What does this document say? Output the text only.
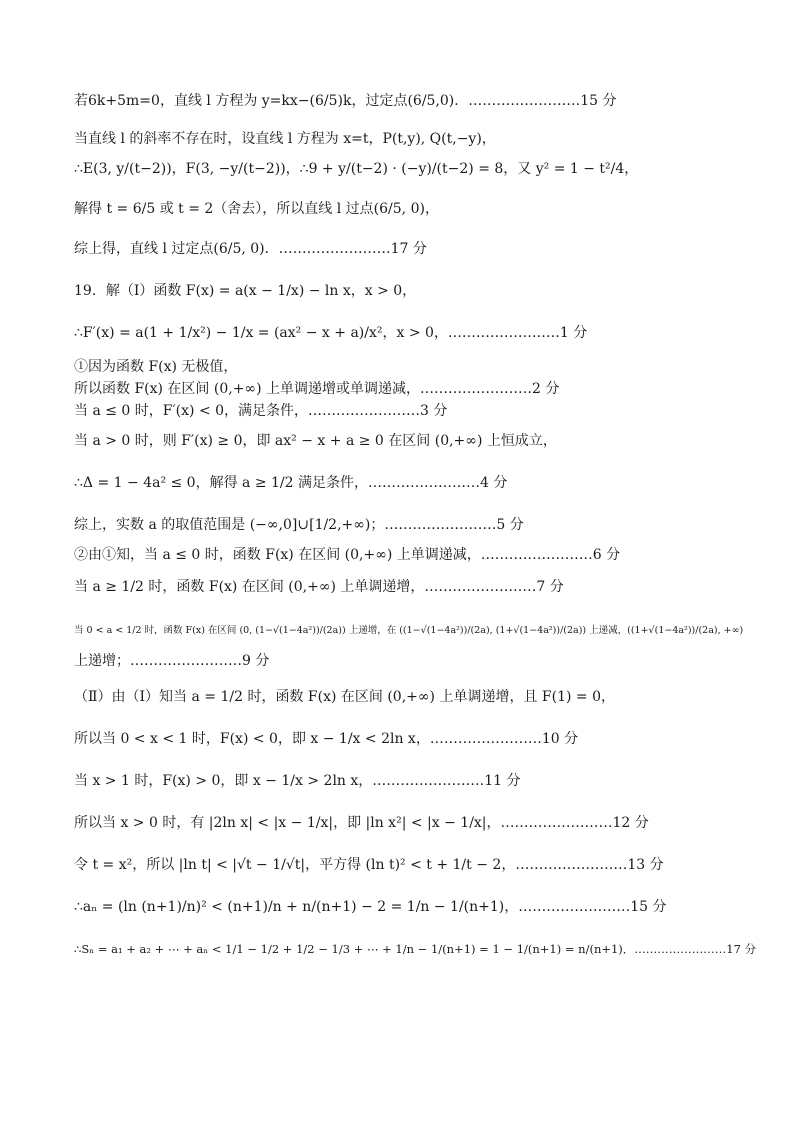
若6k+5m=0，直线 l 方程为 y=kx−(6/5)k，过定点(6/5,0)．……………………15 分
当直线 l 的斜率不存在时，设直线 l 方程为 x=t，P(t,y), Q(t,−y)，
∴E(3, y/(t−2))，F(3, −y/(t−2))，∴9 + y/(t−2) · (−y)/(t−2) = 8，又 y² = 1 − t²/4，
解得 t = 6/5 或 t = 2（舍去），所以直线 l 过点(6/5, 0)，
综上得，直线 l 过定点(6/5, 0)．……………………17 分
19．解（Ⅰ）函数 F(x) = a(x − 1/x) − ln x，x > 0，
∴F′(x) = a(1 + 1/x²) − 1/x = (ax² − x + a)/x²，x > 0，……………………1 分
①因为函数 F(x) 无极值，
所以函数 F(x) 在区间 (0,+∞) 上单调递增或单调递减，……………………2 分
当 a ≤ 0 时，F′(x) < 0，满足条件，……………………3 分
当 a > 0 时，则 F′(x) ≥ 0，即 ax² − x + a ≥ 0 在区间 (0,+∞) 上恒成立，
∴Δ = 1 − 4a² ≤ 0，解得 a ≥ 1/2 满足条件，……………………4 分
综上，实数 a 的取值范围是 (−∞,0]∪[1/2,+∞)；……………………5 分
②由①知，当 a ≤ 0 时，函数 F(x) 在区间 (0,+∞) 上单调递减，……………………6 分
当 a ≥ 1/2 时，函数 F(x) 在区间 (0,+∞) 上单调递增，……………………7 分
当 0 < a < 1/2 时，函数 F(x) 在区间 (0, (1−√(1−4a²))/(2a)) 上递增，在 ((1−√(1−4a²))/(2a), (1+√(1−4a²))/(2a)) 上递减，((1+√(1−4a²))/(2a), +∞)
上递增；……………………9 分
（Ⅱ）由（Ⅰ）知当 a = 1/2 时，函数 F(x) 在区间 (0,+∞) 上单调递增，且 F(1) = 0，
所以当 0 < x < 1 时，F(x) < 0，即 x − 1/x < 2ln x，……………………10 分
当 x > 1 时，F(x) > 0，即 x − 1/x > 2ln x，……………………11 分
所以当 x > 0 时，有 |2ln x| < |x − 1/x|，即 |ln x²| < |x − 1/x|，……………………12 分
令 t = x²，所以 |ln t| < |√t − 1/√t|，平方得 (ln t)² < t + 1/t − 2，……………………13 分
∴aₙ = (ln (n+1)/n)² < (n+1)/n + n/(n+1) − 2 = 1/n − 1/(n+1)，……………………15 分
∴Sₙ = a₁ + a₂ + ⋯ + aₙ < 1/1 − 1/2 + 1/2 − 1/3 + ⋯ + 1/n − 1/(n+1) = 1 − 1/(n+1) = n/(n+1)．……………………17 分
